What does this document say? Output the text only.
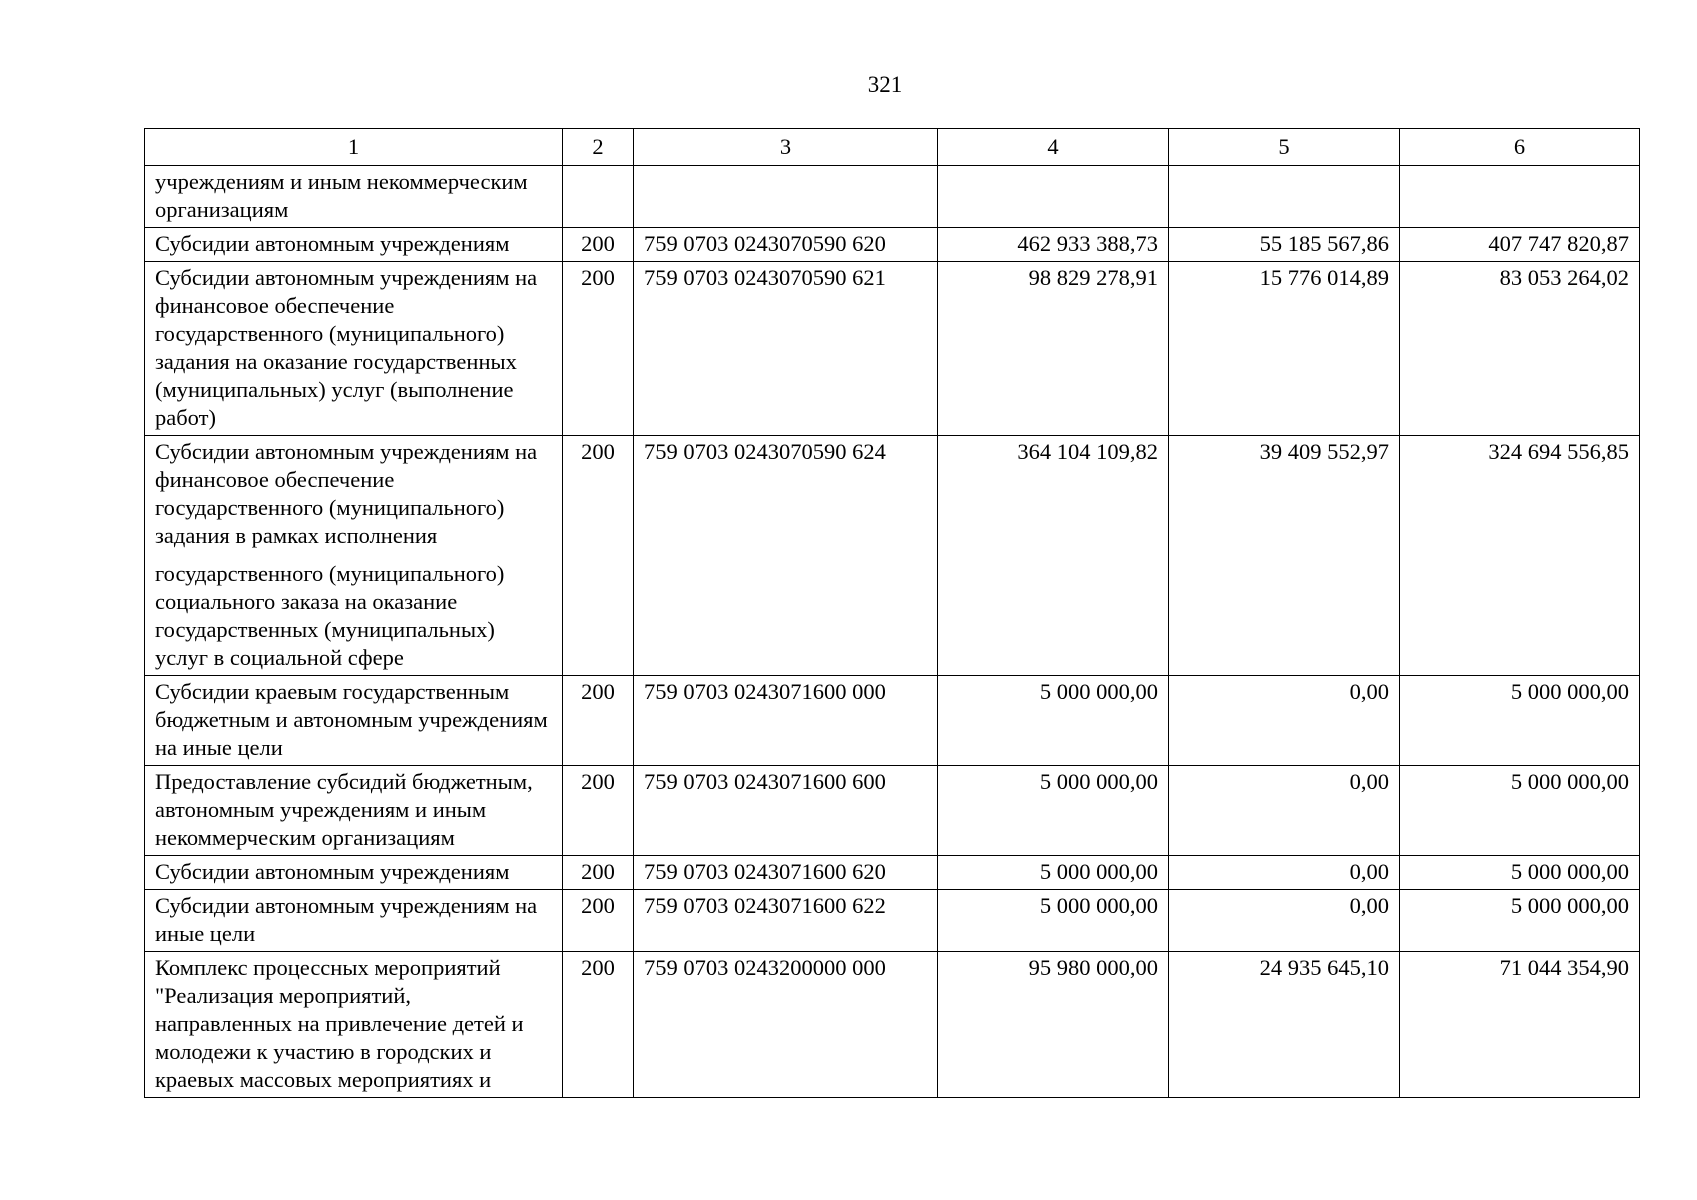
321
1	2	3	4	5	6

учреждениям и иным некоммерческим организациям					

Субсидии автономным учреждениям	200	759 0703 0243070590 620	462 933 388,73	55 185 567,86	407 747 820,87

Субсидии автономным учреждениям на финансовое обеспечение государственного (муниципального) задания на оказание государственных (муниципальных) услуг (выполнение работ)	200	759 0703 0243070590 621	98 829 278,91	15 776 014,89	83 053 264,02

Субсидии автономным учреждениям на финансовое обеспечение государственного (муниципального) задания в рамках исполнения
государственного (муниципального) социального заказа на оказание государственных (муниципальных) услуг в социальной сфере	200	759 0703 0243070590 624	364 104 109,82	39 409 552,97	324 694 556,85

Субсидии краевым государственным бюджетным и автономным учреждениям на иные цели	200	759 0703 0243071600 000	5 000 000,00	0,00	5 000 000,00

Предоставление субсидий бюджетным, автономным учреждениям и иным некоммерческим организациям	200	759 0703 0243071600 600	5 000 000,00	0,00	5 000 000,00

Субсидии автономным учреждениям	200	759 0703 0243071600 620	5 000 000,00	0,00	5 000 000,00

Субсидии автономным учреждениям на иные цели	200	759 0703 0243071600 622	5 000 000,00	0,00	5 000 000,00

Комплекс процессных мероприятий "Реализация мероприятий, направленных на привлечение детей и молодежи к участию в городских и краевых массовых мероприятиях и	200	759 0703 0243200000 000	95 980 000,00	24 935 645,10	71 044 354,90
